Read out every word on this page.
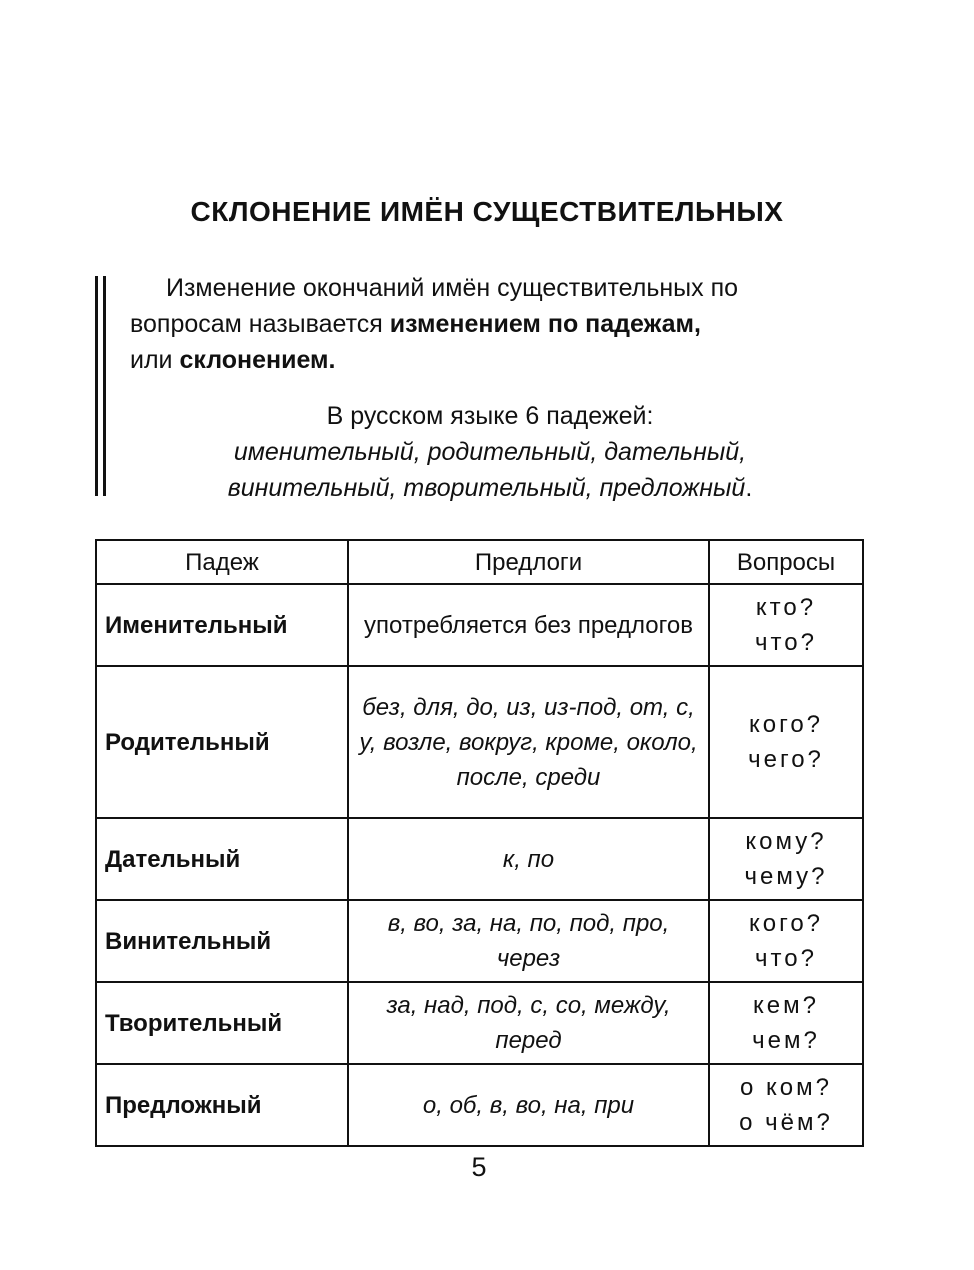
СКЛОНЕНИЕ ИМЁН СУЩЕСТВИТЕЛЬНЫХ

Изменение окончаний имён существительных по

вопросам называется изменением по падежам,

или склонением.

В русском языке 6 падежей:

именительный, родительный, дательный,

винительный, творительный, предложный.

Падеж	Предлоги	Вопросы
Именительный	употребляется без предлогов	кто?
что?
Родительный	без, для, до, из, из-под, от, с, у, возле, вокруг, кроме, около, после, среди	кого?
чего?
Дательный	к, по	кому?
чему?
Винительный	в, во, за, на, по, под, про, через	кого?
что?
Творительный	за, над, под, с, со, между, перед	кем?
чем?
Предложный	о, об, в, во, на, при	о ком?
о чём?
5
